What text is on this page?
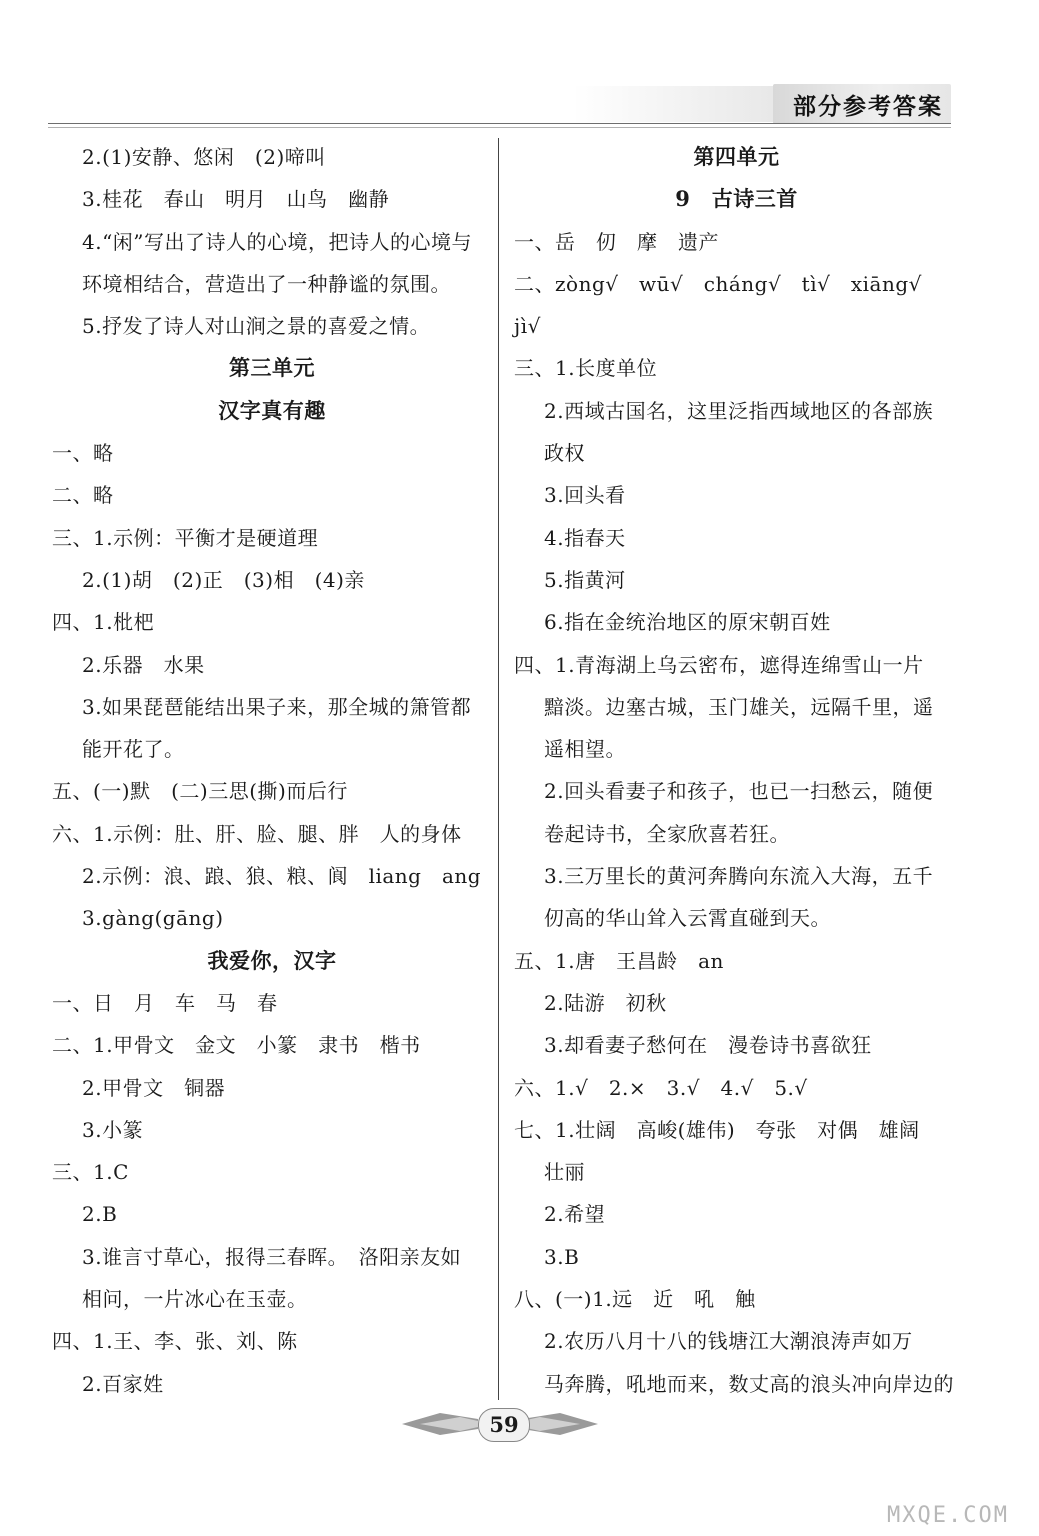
部分参考答案
2.(1)安静、悠闲　(2)啼叫
3.桂花　春山　明月　山鸟　幽静
4.“闲”写出了诗人的心境，把诗人的心境与
环境相结合，营造出了一种静谧的氛围。
5.抒发了诗人对山涧之景的喜爱之情。
第三单元
汉字真有趣
一、略
二、略
三、1.示例：平衡才是硬道理
2.(1)胡　(2)正　(3)相　(4)亲
四、1.枇杷
2.乐器　水果
3.如果琵琶能结出果子来，那全城的箫管都
能开花了。
五、(一)默　(二)三思(撕)而后行
六、1.示例：肚、肝、脸、腿、胖　人的身体
2.示例：浪、踉、狼、粮、阆　liang　ang
3.gàng(gāng)
我爱你，汉字
一、日　月　车　马　春
二、1.甲骨文　金文　小篆　隶书　楷书
2.甲骨文　铜器
3.小篆
三、1.C
2.B
3.谁言寸草心，报得三春晖。　洛阳亲友如
相问，一片冰心在玉壶。
四、1.王、李、张、刘、陈
2.百家姓
第四单元
9　古诗三首
一、岳　仞　摩　遗产
二、zòng√　wū√　cháng√　tì√　xiāng√
jì√
三、1.长度单位
2.西域古国名，这里泛指西域地区的各部族
政权
3.回头看
4.指春天
5.指黄河
6.指在金统治地区的原宋朝百姓
四、1.青海湖上乌云密布，遮得连绵雪山一片
黯淡。边塞古城，玉门雄关，远隔千里，遥
遥相望。
2.回头看妻子和孩子，也已一扫愁云，随便
卷起诗书，全家欣喜若狂。
3.三万里长的黄河奔腾向东流入大海，五千
仞高的华山耸入云霄直碰到天。
五、1.唐　王昌龄　an
2.陆游　初秋
3.却看妻子愁何在　漫卷诗书喜欲狂
六、1.√　2.×　3.√　4.√　5.√
七、1.壮阔　高峻(雄伟)　夸张　对偶　雄阔
壮丽
2.希望
3.B
八、(一)1.远　近　吼　触
2.农历八月十八的钱塘江大潮浪涛声如万
马奔腾，吼地而来，数丈高的浪头冲向岸边的
59
MXQE.COM
